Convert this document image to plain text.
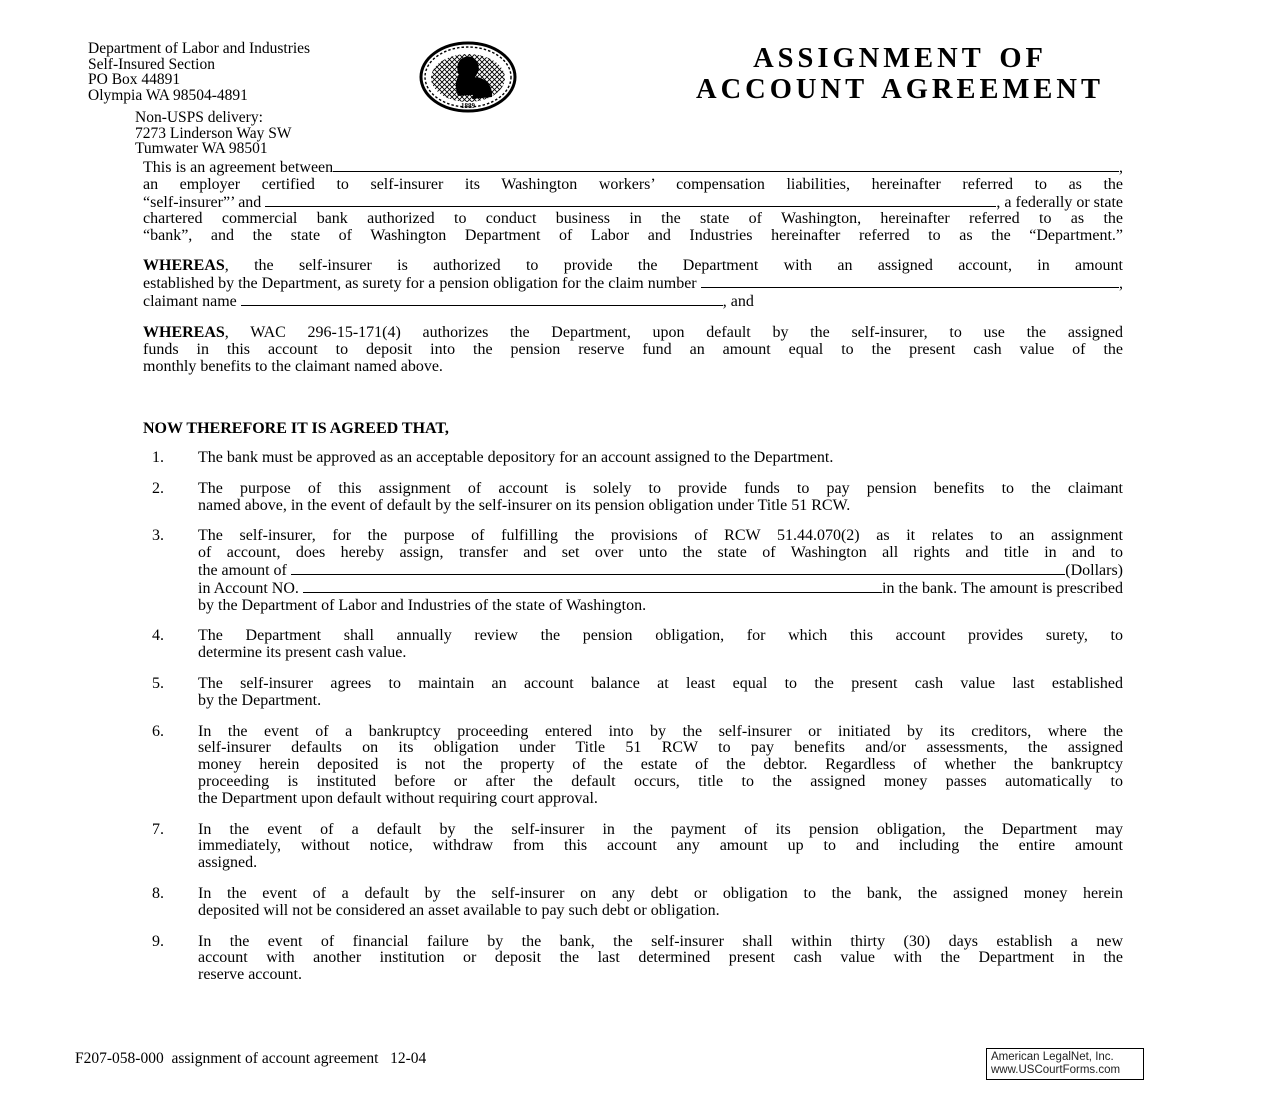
Department of Labor and Industries
Self-Insured Section
PO Box 44891
Olympia WA 98504-4891
Non-USPS delivery:
7273 Linderson Way SW
Tumwater WA 98501
1889
ASSIGNMENT OF
ACCOUNT AGREEMENT
This is an agreement between	,
an employer certified to self-insurer its Washington workers’ compensation liabilities, hereinafter referred to as the
“self-insurer”’ and	, a federally or state
chartered commercial bank authorized to conduct business in the state of Washington, hereinafter referred to as the
“bank”, and the state of Washington Department of Labor and Industries hereinafter referred to as the “Department.”
WHEREAS, the self-insurer is authorized to provide the Department with an assigned account, in amount
established by the Department, as surety for a pension obligation for the claim number	,
claimant name	, and
WHEREAS, WAC 296-15-171(4) authorizes the Department, upon default by the self-insurer, to use the assigned
funds in this account to deposit into the pension reserve fund an amount equal to the present cash value of the
monthly benefits to the claimant named above.
NOW THEREFORE IT IS AGREED THAT,
1. The bank must be approved as an acceptable depository for an account assigned to the Department.
2. The purpose of this assignment of account is solely to provide funds to pay pension benefits to the claimant
named above, in the event of default by the self-insurer on its pension obligation under Title 51 RCW.
3. The self-insurer, for the purpose of fulfilling the provisions of RCW 51.44.070(2) as it relates to an assignment
of account, does hereby assign, transfer and set over unto the state of Washington all rights and title in and to
the amount of	(Dollars)
in Account NO.	in the bank. The amount is prescribed
by the Department of Labor and Industries of the state of Washington.
4. The Department shall annually review the pension obligation, for which this account provides surety, to
determine its present cash value.
5. The self-insurer agrees to maintain an account balance at least equal to the present cash value last established
by the Department.
6. In the event of a bankruptcy proceeding entered into by the self-insurer or initiated by its creditors, where the
self-insurer defaults on its obligation under Title 51 RCW to pay benefits and/or assessments, the assigned
money herein deposited is not the property of the estate of the debtor. Regardless of whether the bankruptcy
proceeding is instituted before or after the default occurs, title to the assigned money passes automatically to
the Department upon default without requiring court approval.
7. In the event of a default by the self-insurer in the payment of its pension obligation, the Department may
immediately, without notice, withdraw from this account any amount up to and including the entire amount
assigned.
8. In the event of a default by the self-insurer on any debt or obligation to the bank, the assigned money herein
deposited will not be considered an asset available to pay such debt or obligation.
9. In the event of financial failure by the bank, the self-insurer shall within thirty (30) days establish a new
account with another institution or deposit the last determined present cash value with the Department in the
reserve account.
F207-058-000  assignment of account agreement   12-04	American LegalNet, Inc.
www.USCourtForms.com
